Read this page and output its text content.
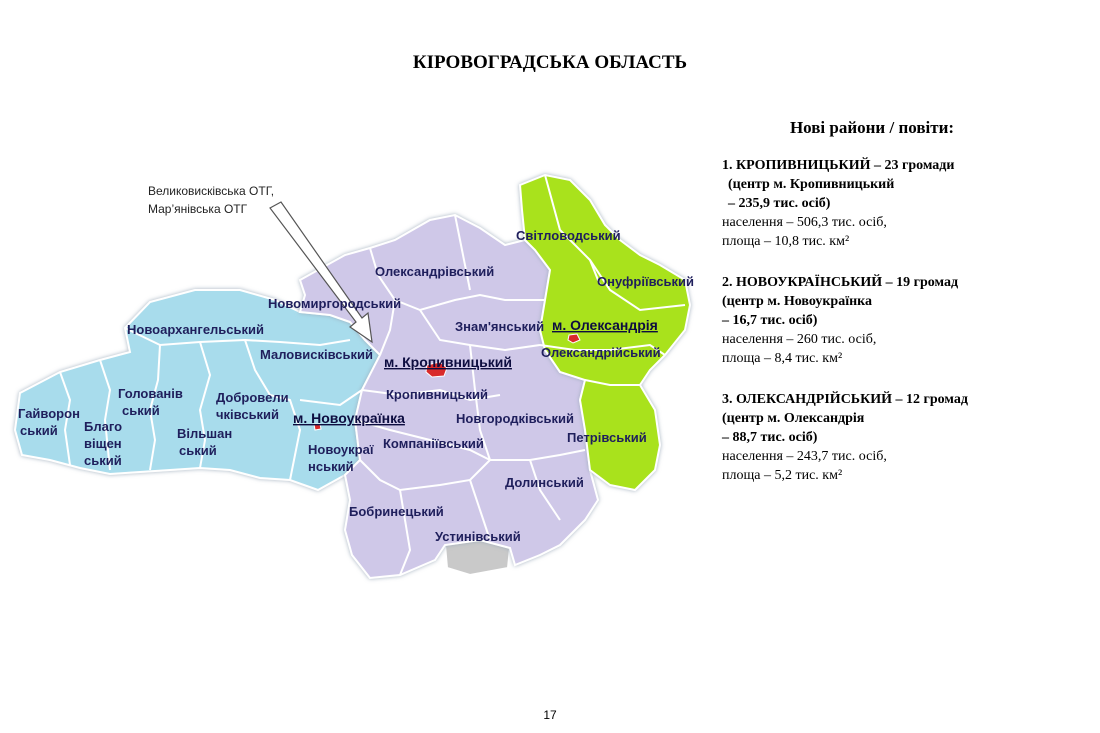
КІРОВОГРАДСЬКА ОБЛАСТЬ
Великовисківська ОТГ,
Мар’янівська ОТГ
Світловодський
Онуфріївський
Олександрівський
Новомиргородський
Новоархангельський	Знам'янський м. Олександрія
Олександрійський
Маловисківський м. Кропивницький
Кропивницький
Голованів
ський
Добровели
чківський
Гайворон
ський Благо
віщен
ський
Вільшан
ський
м. Новоукраїнка
Новоукраї
нський
Новгородківський
Петрівський
Компаніївський
Долинський
Бобринецький
Устинівський
Нові райони / повіти:
1. КРОПИВНИЦЬКИЙ – 23 громади
(центр м. Кропивницький
– 235,9 тис. осіб)
населення – 506,3 тис. осіб,
площа – 10,8 тис. км²
2. НОВОУКРАЇНСЬКИЙ – 19 громад
(центр м. Новоукраїнка
– 16,7 тис. осіб)
населення – 260 тис. осіб,
площа – 8,4 тис. км²
3. ОЛЕКСАНДРІЙСЬКИЙ – 12 громад
(центр м. Олександрія
– 88,7 тис. осіб)
населення – 243,7 тис. осіб,
площа – 5,2 тис. км²
17
